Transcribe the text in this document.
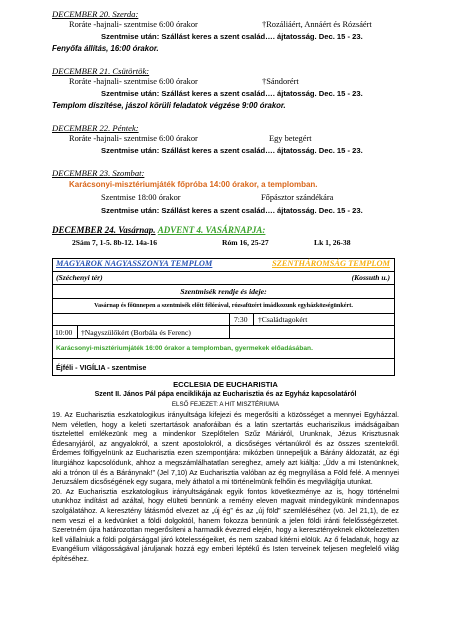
DECEMBER 20. Szerda:
Roráte -hajnali- szentmise 6:00 órakor	†Rozáliáért, Annáért és Rózsáért
Szentmise után: Szállást keres a szent család…. ájtatosság. Dec. 15 - 23.
Fenyőfa állítás, 16:00 órakor.
DECEMBER 21. Csütörtök:
Roráte -hajnali- szentmise 6:00 órakor	†Sándorért
Szentmise után: Szállást keres a szent család…. ájtatosság. Dec. 15 - 23.
Templom díszítése, jászol körüli feladatok végzése 9:00 órakor.
DECEMBER 22. Péntek:
Roráte -hajnali- szentmise 6:00 órakor	Egy betegért
Szentmise után: Szállást keres a szent család…. ájtatosság. Dec. 15 - 23.
DECEMBER 23. Szombat:
Karácsonyi-misztériumjáték főpróba 14:00 órakor, a templomban.
Szentmise 18:00 órakor	Főpásztor szándékára
Szentmise után: Szállást keres a szent család…. ájtatosság. Dec. 15 - 23.
DECEMBER 24. Vasárnap. ADVENT 4. VASÁRNAPJA:
2Sám 7, 1-5. 8b-12. 14a-16	Róm 16, 25-27	Lk 1, 26-38
MAGYAROK NAGYASSZONYA TEMPLOM	SZENTHÁROMSÁG TEMPLOM
(Széchenyi tér)	(Kossuth u.)
Szentmisék rendje és ideje:
Vasárnap és főünnepen a szentmisék előtt félórával, rózsafüzért imádkozunk egyházközségünkért.
7:30 †Családtagokért
10:00 †Nagyszülőkért (Borbála és Ferenc)
Karácsonyi-misztériumjáték 16:00 órakor a templomban, gyermekek előadásában.
Éjféli - VIGÍLIA - szentmise
ECCLESIA DE EUCHARISTIA
Szent II. János Pál pápa enciklikája az Eucharisztia és az Egyház kapcsolatáról
ELSŐ FEJEZET: A HIT MISZTÉRIUMA

19. Az Eucharisztia eszkatologikus irányultsága kifejezi és megerősíti a közösséget a mennyei Egyházzal. Nem véletlen, hogy a keleti szertartások anaforáiban és a latin szertartás euchariszikus imádságaiban tisztelettel emlékezünk meg a mindenkor Szeplőtelen Szűz Máriáról, Urunknak, Jézus Krisztusnak Édesanyjáról, az angyalokról, a szent apostolokról, a dicsőséges vértanúkról és az összes szentekről. Érdemes fölfigyelnünk az Eucharisztia ezen szempontjára: mikózben ünnepeljük a Bárány áldozatát, az égi liturgiához kapcsolódunk, ahhoz a megszámlálhatatlan sereghez, amely azt kiáltja: „Üdv a mi Istenünknek, aki a trónon ül és a Báránynak!” (Jel 7,10) Az Eucharisztia valóban az ég megnyílása a Föld felé. A mennyei Jeruzsálem dicsőségének egy sugara, mely áthatol a mi történelmünk felhőin és megvilágítja utunkat.

20. Az Eucharisztia eszkatologikus irányultságának egyik fontos következménye az is, hogy történelmi utunkhoz indítást ad azáltal, hogy elülteti bennünk a remény eleven magvait mindegyikünk mindennapos szolgálatához. A keresztény látásmód elvezet az „új ég” és az „új föld” szemléléséhez (vö. Jel 21,1), de ez nem veszi el a kedvünket a földi dolgoktól, hanem fokozza bennünk a jelen földi iránti felelősségérzetet. Szeretném újra határozottan megerősíteni a harmadik évezred elején, hogy a keresztényeknek elkötelezetten kell vállalniuk a földi polgársággal járó kötelességeiket, és nem szabad kitérni elölük. Az ő feladatuk, hogy az Evangélium világosságával járuljanak hozzá egy emberi léptékű és Isten terveinek teljesen megfelelő világ építéséhez.
